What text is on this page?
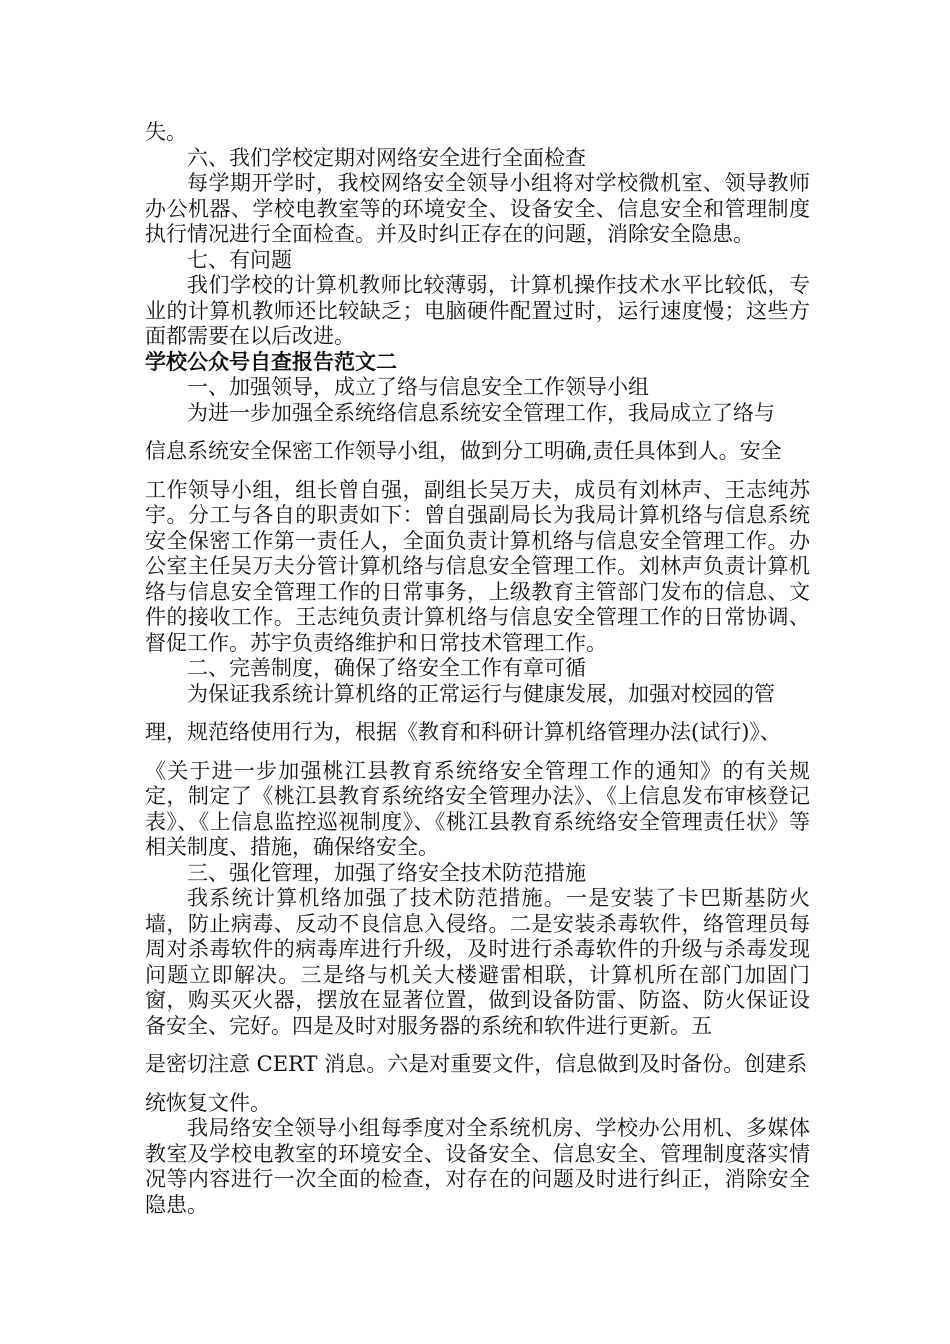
失。

六、我们学校定期对网络安全进行全面检查

每学期开学时，我校网络安全领导小组将对学校微机室、领导教师办公机器、学校电教室等的环境安全、设备安全、信息安全和管理制度执行情况进行全面检查。并及时纠正存在的问题，消除安全隐患。

七、有问题

我们学校的计算机教师比较薄弱，计算机操作技术水平比较低，专业的计算机教师还比较缺乏；电脑硬件配置过时，运行速度慢；这些方面都需要在以后改进。

学校公众号自查报告范文二

一、加强领导，成立了络与信息安全工作领导小组

为进一步加强全系统络信息系统安全管理工作，我局成立了络与

信息系统安全保密工作领导小组，做到分工明确,责任具体到人。安全

工作领导小组，组长曾自强，副组长吴万夫，成员有刘林声、王志纯苏宇。分工与各自的职责如下：曾自强副局长为我局计算机络与信息系统安全保密工作第一责任人，全面负责计算机络与信息安全管理工作。办公室主任吴万夫分管计算机络与信息安全管理工作。刘林声负责计算机络与信息安全管理工作的日常事务，上级教育主管部门发布的信息、文件的接收工作。王志纯负责计算机络与信息安全管理工作的日常协调、督促工作。苏宇负责络维护和日常技术管理工作。

二、完善制度，确保了络安全工作有章可循

为保证我系统计算机络的正常运行与健康发展，加强对校园的管

理，规范络使用行为，根据《教育和科研计算机络管理办法(试行)》、

《关于进一步加强桃江县教育系统络安全管理工作的通知》的有关规定，制定了《桃江县教育系统络安全管理办法》、《上信息发布审核登记表》、《上信息监控巡视制度》、《桃江县教育系统络安全管理责任状》等相关制度、措施，确保络安全。

三、强化管理，加强了络安全技术防范措施

我系统计算机络加强了技术防范措施。一是安装了卡巴斯基防火墙，防止病毒、反动不良信息入侵络。二是安装杀毒软件，络管理员每周对杀毒软件的病毒库进行升级，及时进行杀毒软件的升级与杀毒发现问题立即解决。三是络与机关大楼避雷相联，计算机所在部门加固门窗，购买灭火器，摆放在显著位置，做到设备防雷、防盗、防火保证设备安全、完好。四是及时对服务器的系统和软件进行更新。五

是密切注意 CERT 消息。六是对重要文件，信息做到及时备份。创建系

统恢复文件。

我局络安全领导小组每季度对全系统机房、学校办公用机、多媒体教室及学校电教室的环境安全、设备安全、信息安全、管理制度落实情况等内容进行一次全面的检查，对存在的问题及时进行纠正，消除安全隐患。
